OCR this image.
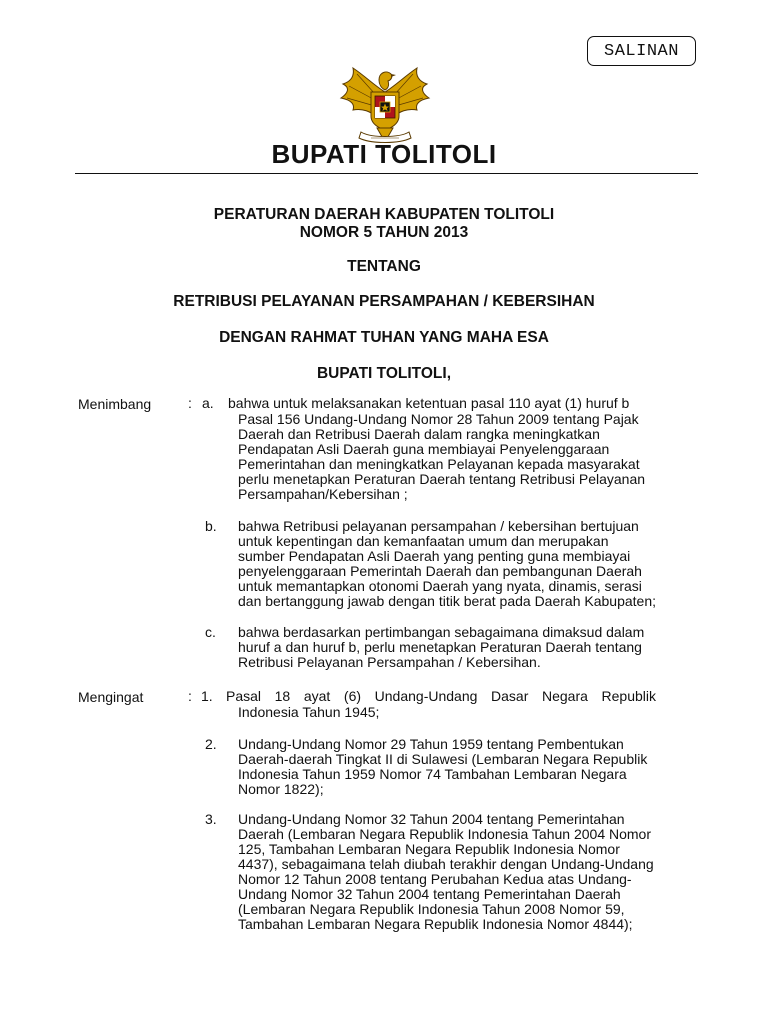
SALINAN
BUPATI TOLITOLI
PERATURAN DAERAH KABUPATEN TOLITOLI
NOMOR 5 TAHUN 2013
TENTANG
RETRIBUSI PELAYANAN PERSAMPAHAN / KEBERSIHAN
DENGAN RAHMAT TUHAN YANG MAHA ESA
BUPATI TOLITOLI,
Menimbang	: a. bahwa untuk melaksanakan ketentuan pasal 110 ayat (1) huruf b
Pasal 156 Undang-Undang Nomor 28 Tahun 2009 tentang Pajak
Daerah dan Retribusi Daerah dalam rangka meningkatkan
Pendapatan Asli Daerah guna membiayai Penyelenggaraan
Pemerintahan dan meningkatkan Pelayanan kepada masyarakat
perlu menetapkan Peraturan Daerah tentang Retribusi Pelayanan
Persampahan/Kebersihan ;
b. bahwa Retribusi pelayanan persampahan / kebersihan bertujuan
untuk kepentingan dan kemanfaatan umum dan merupakan
sumber Pendapatan Asli Daerah yang penting guna membiayai
penyelenggaraan Pemerintah Daerah dan pembangunan Daerah
untuk memantapkan otonomi Daerah yang nyata, dinamis, serasi
dan bertanggung jawab dengan titik berat pada Daerah Kabupaten;
c. bahwa berdasarkan pertimbangan sebagaimana dimaksud dalam
huruf a dan huruf b, perlu menetapkan Peraturan Daerah tentang
Retribusi Pelayanan Persampahan / Kebersihan.
Mengingat	: 1. Pasal 18 ayat (6) Undang-Undang Dasar Negara Republik
Indonesia Tahun 1945;
2. Undang-Undang Nomor 29 Tahun 1959 tentang Pembentukan
Daerah-daerah Tingkat II di Sulawesi (Lembaran Negara Republik
Indonesia Tahun 1959 Nomor 74 Tambahan Lembaran Negara
Nomor 1822);
3. Undang-Undang Nomor 32 Tahun 2004 tentang Pemerintahan
Daerah (Lembaran Negara Republik Indonesia Tahun 2004 Nomor
125, Tambahan Lembaran Negara Republik Indonesia Nomor
4437), sebagaimana telah diubah terakhir dengan Undang-Undang
Nomor 12 Tahun 2008 tentang Perubahan Kedua atas Undang-
Undang Nomor 32 Tahun 2004 tentang Pemerintahan Daerah
(Lembaran Negara Republik Indonesia Tahun 2008 Nomor 59,
Tambahan Lembaran Negara Republik Indonesia Nomor 4844);
